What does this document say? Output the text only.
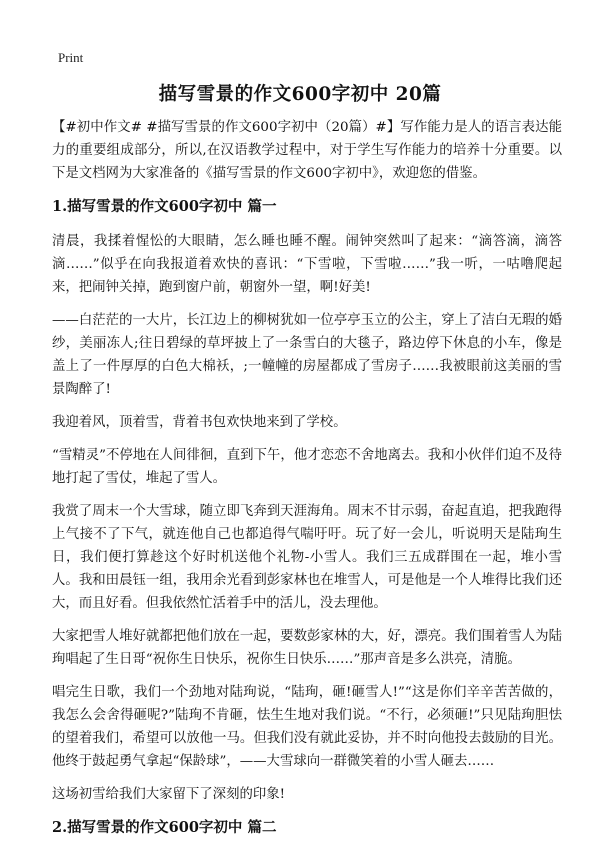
Print
描写雪景的作文600字初中 20篇

【#初中作文# #描写雪景的作文600字初中（20篇）#】写作能力是人的语言表达能力的重要组成部分，所以,在汉语教学过程中，对于学生写作能力的培养十分重要。以下是文档网为大家准备的《描写雪景的作文600字初中》，欢迎您的借鉴。

1.描写雪景的作文600字初中 篇一

清晨，我揉着惺忪的大眼睛，怎么睡也睡不醒。闹钟突然叫了起来：“滴答滴，滴答滴……”似乎在向我报道着欢快的喜讯：“下雪啦，下雪啦……”我一听，一咕噜爬起来，把闹钟关掉，跑到窗户前，朝窗外一望，啊!好美!

——白茫茫的一大片，长江边上的柳树犹如一位亭亭玉立的公主，穿上了洁白无瑕的婚纱，美丽冻人;往日碧绿的草坪披上了一条雪白的大毯子，路边停下休息的小车，像是盖上了一件厚厚的白色大棉袄，;一幢幢的房屋都成了雪房子……我被眼前这美丽的雪景陶醉了!

我迎着风，顶着雪，背着书包欢快地来到了学校。

“雪精灵”不停地在人间徘徊，直到下午，他才恋恋不舍地离去。我和小伙伴们迫不及待地打起了雪仗，堆起了雪人。

我赏了周末一个大雪球，随立即飞奔到天涯海角。周末不甘示弱，奋起直追，把我跑得上气接不了下气，就连他自己也都追得气喘吁吁。玩了好一会儿，听说明天是陆珣生日，我们便打算趁这个好时机送他个礼物-小雪人。我们三五成群围在一起，堆小雪人。我和田晨钰一组，我用余光看到彭家林也在堆雪人，可是他是一个人堆得比我们还大，而且好看。但我依然忙活着手中的活儿，没去理他。

大家把雪人堆好就都把他们放在一起，要数彭家林的大，好，漂亮。我们围着雪人为陆珣唱起了生日哥“祝你生日快乐，祝你生日快乐……”那声音是多么洪亮，清脆。

唱完生日歌，我们一个劲地对陆珣说，“陆珣，砸!砸雪人!”“这是你们辛辛苦苦做的，我怎么会舍得砸呢?”陆珣不肯砸，怯生生地对我们说。“不行，必须砸!”只见陆珣胆怯的望着我们，希望可以放他一马。但我们没有就此妥协，并不时向他投去鼓励的目光。他终于鼓起勇气拿起“保龄球”，——大雪球向一群微笑着的小雪人砸去……

这场初雪给我们大家留下了深刻的印象!

2.描写雪景的作文600字初中 篇二
